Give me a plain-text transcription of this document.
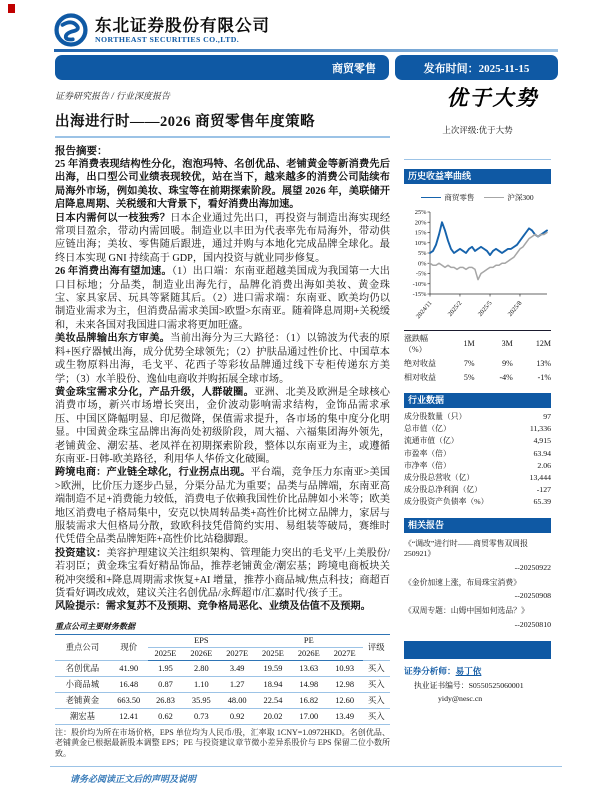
东北证券股份有限公司
NORTHEAST SECURITIES CO.,LTD.
商贸零售	发布时间：2025-11-15
证券研究报告 / 行业深度报告	优于大势
出海进行时——2026 商贸零售年度策略
报告摘要：

25 年消费表现结构性分化，泡泡玛特、名创优品、老铺黄金等新消费先后出海，出口型公司业绩表现较优，站在当下，越来越多的消费公司陆续布局海外市场，例如美妆、珠宝等在前期探索阶段。展望 2026 年，美联储开启降息周期、关税缓和大背景下，看好消费出海加速。

日本内需何以一枝独秀？日本企业通过先出口，再投资与制造出海实现经常项目盈余，带动内需回暖。制造业以丰田为代表率先布局海外，带动供应链出海；美妆、零售随后跟进，通过并购与本地化完成品牌全球化。最终日本实现 GNI 持续高于 GDP，国内投资与就业同步修复。

26 年消费出海有望加速。（1）出口端：东南亚超越美国成为我国第一大出口目标地；分品类，制造业出海先行，品牌化消费出海如美妆、黄金珠宝、家具家居、玩具等紧随其后。（2）进口需求端：东南亚、欧美均仍以制造业需求为主，但消费品需求美国>欧盟>东南亚。随着降息周期+关税缓和，未来各国对我国进口需求将更加旺盛。

美妆品牌输出东方审美。当前出海分为三大路径：（1）以锦波为代表的原料+医疗器械出海，成分优势全球领先；（2）护肤品通过性价比、中国草本或生物原料出海，毛戈平、花西子等彩妆品牌通过线下专柜传递东方美学；（3）水羊股份、逸仙电商收并购拓展全球市场。

黄金珠宝需求分化，产品升级，人群破圈。亚洲、北美及欧洲是全球核心消费市场，新兴市场增长突出，金价波动影响需求结构，金饰品需求承压、中国区降幅明显、印尼微降，保值需求提升，各市场的集中度分化明显。中国黄金珠宝品牌出海尚处初级阶段，周大福、六福集团海外领先，老铺黄金、潮宏基、老凤祥在初期探索阶段，整体以东南亚为主，或遵循东南亚-日韩-欧美路径，利用华人华侨文化破圈。

跨境电商：产业链全球化，行业拐点出现。平台端，竞争压力东南亚>美国>欧洲，比价压力逐步凸显，分渠分品尤为重要；品类与品牌端，东南亚高端制造不足+消费能力较低，消费电子依赖我国性价比品牌如小米等；欧美地区消费电子格局集中，安克以快周转品类+高性价比树立品牌力，家居与服装需求大但格局分散，致欧科技凭借简约实用、易组装等破局，赛维时代凭借全品类品牌矩阵+高性价比站稳脚跟。

投资建议：美容护理建议关注组织架构、管理能力突出的毛戈平/上美股份/若羽臣；黄金珠宝看好精品饰品，推荐老铺黄金/潮宏基；跨境电商板块关税冲突缓和+降息周期需求恢复+AI 增量，推荐小商品城/焦点科技；商超百货看好调改成效，建议关注名创优品/永辉超市/汇嘉时代/孩子王。

风险提示：需求复苏不及预期、竞争格局恶化、业绩及估值不及预期。

重点公司主要财务数据
重点公司	现价	EPS			PE			评级
		2025E	2026E	2027E	2025E	2026E	2027E	
名创优品	41.90	1.95	2.80	3.49	19.59	13.63	10.93	买入
小商品城	16.48	0.87	1.10	1.27	18.94	14.98	12.98	买入
老铺黄金	663.50	26.83	35.95	48.00	22.54	16.82	12.60	买入
潮宏基	12.41	0.62	0.73	0.92	20.02	17.00	13.49	买入
注：股价均为所在市场价格，EPS 单位均为人民币/股，汇率取 1CNY=1.0972HKD。名创优品、老铺黄金已根据最新股本调整 EPS；PE 与投资建议章节微小差异系股价与 EPS 保留二位小数所致。
上次评级:优于大势
历史收益率曲线
商贸零售	沪深300
25%
20%
15%
10%
5%
0%
-5%
-10%
-15%
2024/11 2025/2 2025/5 2025/8
涨跌幅（%）	1M	3M	12M
绝对收益	7%	9%	13%
相对收益	5%	-4%	-1%
行业数据
成分股数量（只）	97
总市值（亿）	11,336
流通市值（亿）	4,915
市盈率（倍）	63.94
市净率（倍）	2.06
成分股总营收（亿）	13,444
成分股总净利润（亿）	-127
成分股资产负债率（%）	65.39
相关报告
《“调改”进行时——商贸零售双周报 250921》
--20250922
《金价加速上涨，布局珠宝消费》
--20250908
《双周专题：山姆中国如何选品？》
--20250810
证券分析师：易丁依
执业证书编号：S0550525060001
yidy@nesc.cn
请务必阅读正文后的声明及说明
